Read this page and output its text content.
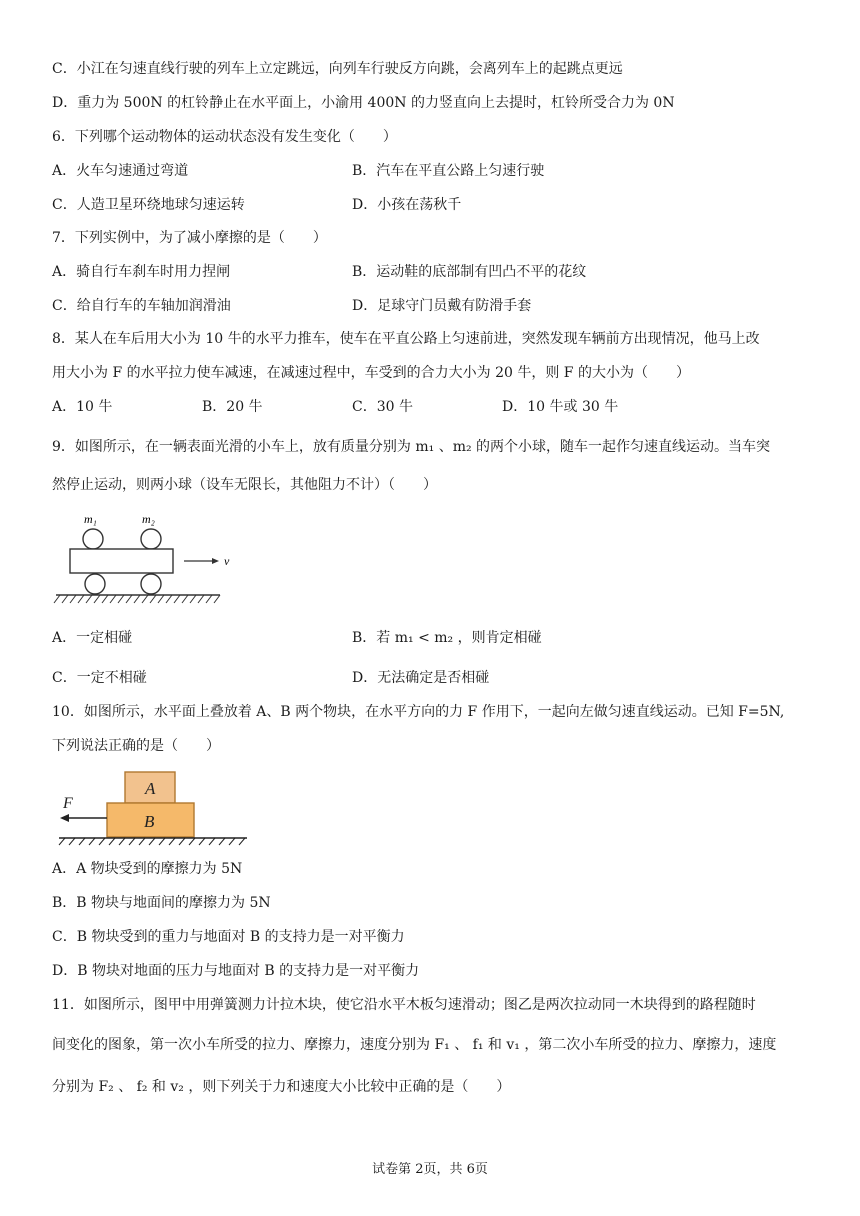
C．小江在匀速直线行驶的列车上立定跳远，向列车行驶反方向跳，会离列车上的起跳点更远
D．重力为 500N 的杠铃静止在水平面上，小渝用 400N 的力竖直向上去提时，杠铃所受合力为 0N
6．下列哪个运动物体的运动状态没有发生变化（　　）
A．火车匀速通过弯道	B．汽车在平直公路上匀速行驶
C．人造卫星环绕地球匀速运转	D．小孩在荡秋千
7．下列实例中，为了减小摩擦的是（　　）
A．骑自行车刹车时用力捏闸	B．运动鞋的底部制有凹凸不平的花纹
C．给自行车的车轴加润滑油	D．足球守门员戴有防滑手套
8．某人在车后用大小为 10 牛的水平力推车，使车在平直公路上匀速前进，突然发现车辆前方出现情况，他马上改
用大小为 F 的水平拉力使车减速，在减速过程中，车受到的合力大小为 20 牛，则 F 的大小为（　　）
A．10 牛	B．20 牛	C．30 牛	D．10 牛或 30 牛
9．如图所示，在一辆表面光滑的小车上，放有质量分别为 m₁ 、m₂ 的两个小球，随车一起作匀速直线运动。当车突
然停止运动，则两小球（设车无限长，其他阻力不计）（　　）
m₁	m₂
v
A．一定相碰	B．若 m₁ < m₂ ，则肯定相碰
C．一定不相碰	D．无法确定是否相碰
10．如图所示，水平面上叠放着 A、B 两个物块，在水平方向的力 F 作用下，一起向左做匀速直线运动。已知 F=5N,
下列说法正确的是（　　）
A
B
F
A．A 物块受到的摩擦力为 5N
B．B 物块与地面间的摩擦力为 5N
C．B 物块受到的重力与地面对 B 的支持力是一对平衡力
D．B 物块对地面的压力与地面对 B 的支持力是一对平衡力
11．如图所示，图甲中用弹簧测力计拉木块，使它沿水平木板匀速滑动；图乙是两次拉动同一木块得到的路程随时
间变化的图象，第一次小车所受的拉力、摩擦力，速度分别为 F₁ 、 f₁ 和 v₁ ，第二次小车所受的拉力、摩擦力，速度
分别为 F₂ 、 f₂ 和 v₂ ，则下列关于力和速度大小比较中正确的是（　　）
试卷第 2页，共 6页
